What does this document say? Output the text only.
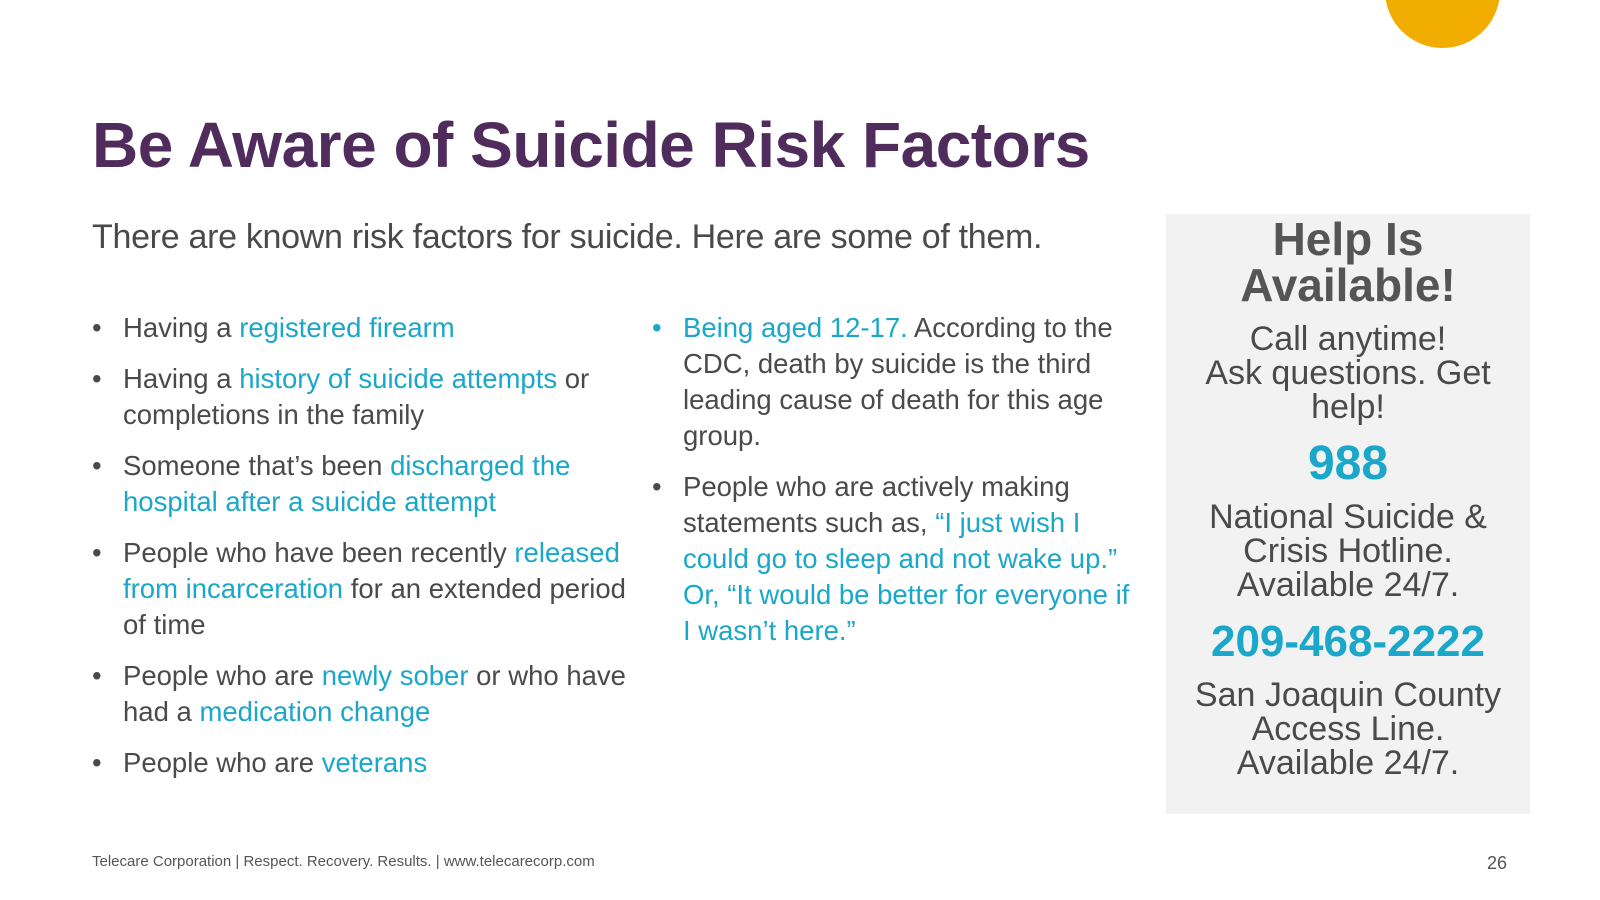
Be Aware of Suicide Risk Factors

There are known risk factors for suicide. Here are some of them.

• Having a registered firearm
• Having a history of suicide attempts or completions in the family
• Someone that’s been discharged the hospital after a suicide attempt
• People who have been recently released from incarceration for an extended period of time
• People who are newly sober or who have had a medication change
• People who are veterans
• Being aged 12-17. According to the CDC, death by suicide is the third leading cause of death for this age group.
• People who are actively making statements such as, “I just wish I could go to sleep and not wake up.” Or, “It would be better for everyone if I wasn’t here.”

Help Is
Available!

Call anytime!
Ask questions. Get
help!

988

National Suicide &
Crisis Hotline.
Available 24/7.

209-468-2222

San Joaquin County
Access Line.
Available 24/7.

Telecare Corporation | Respect. Recovery. Results. | www.telecarecorp.com	26
